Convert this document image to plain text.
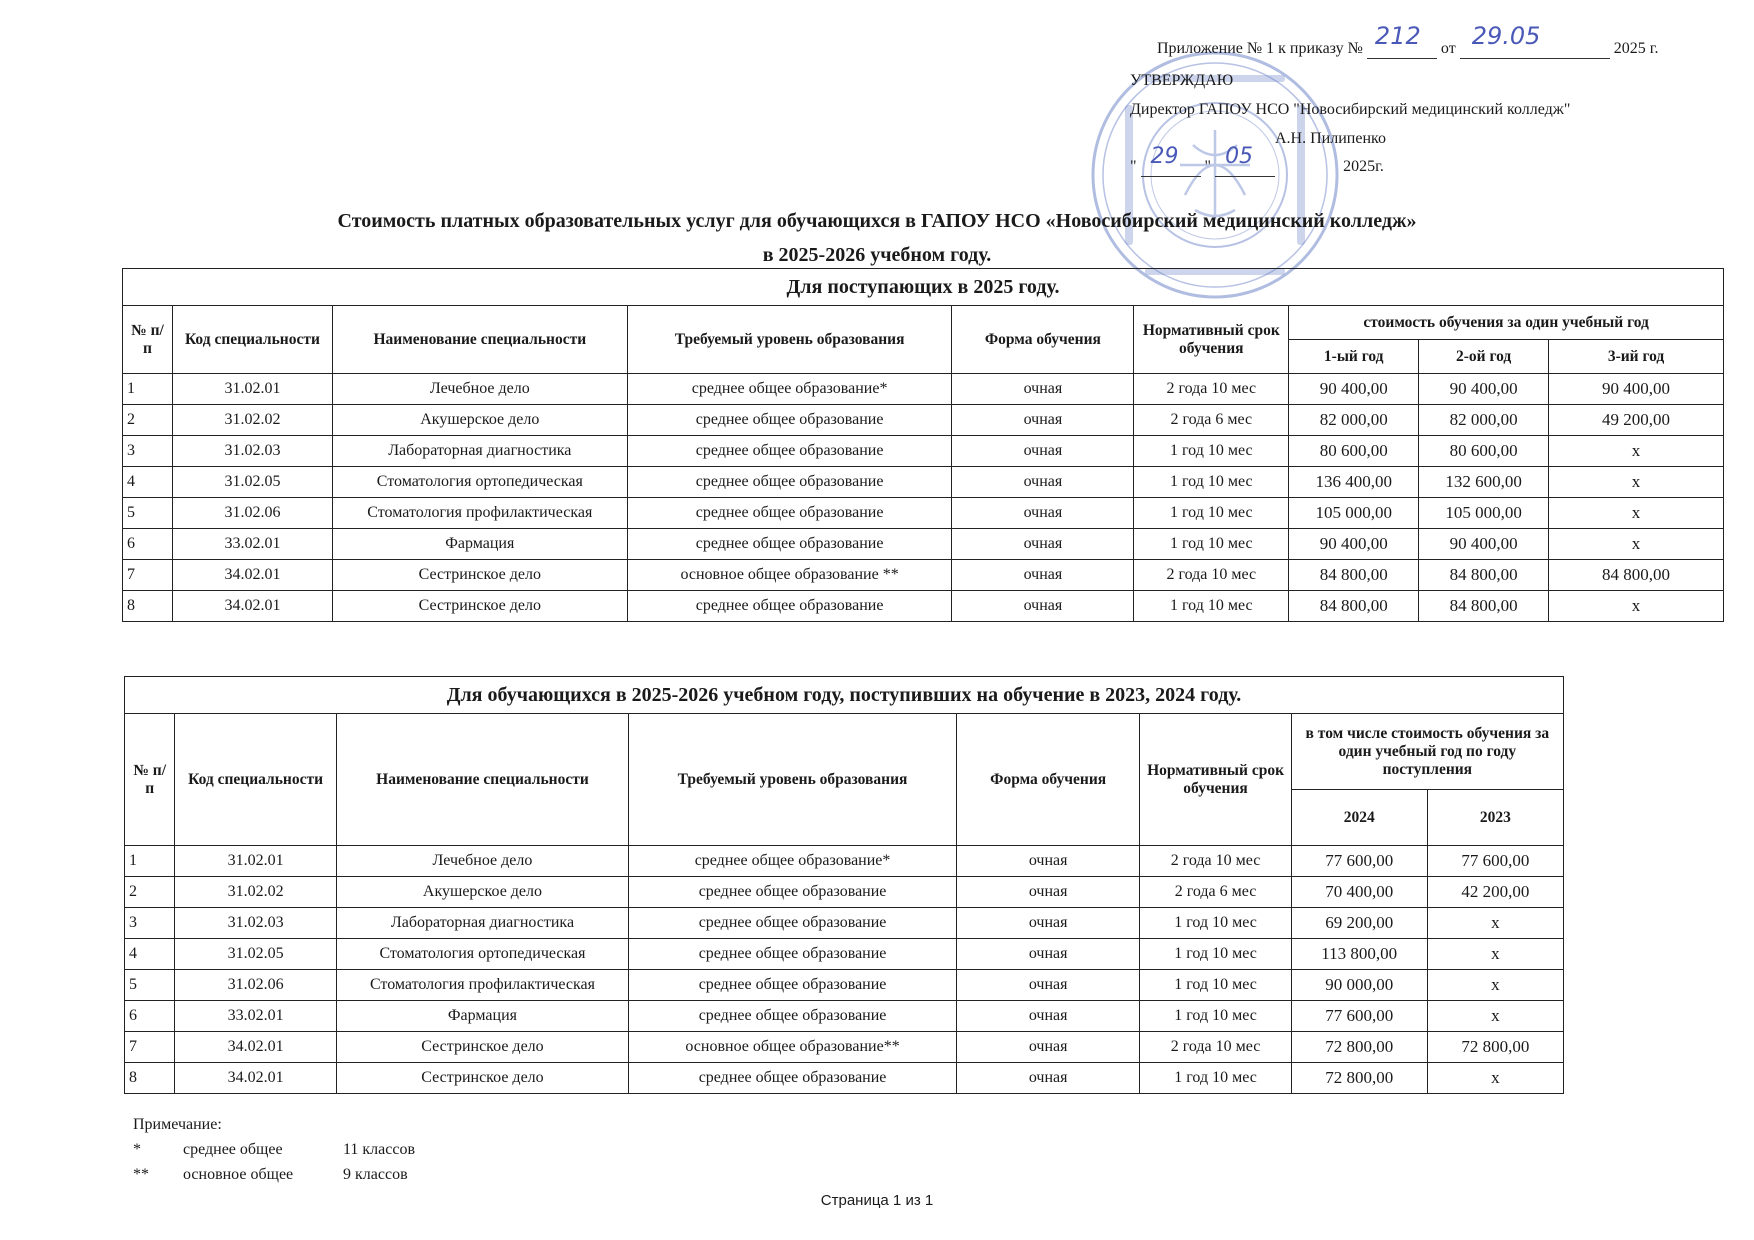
Приложение № 1 к приказу № 212 от 29.05	2025 г.
УТВЕРЖДАЮ
Директор ГАПОУ НСО "Новосибирский медицинский колледж"
А.Н. Пилипенко
" 29 " 05	2025г.
Стоимость платных образовательных услуг для обучающихся в ГАПОУ НСО «Новосибирский медицинский колледж»
в 2025-2026 учебном году.
Для поступающих в 2025 году.								
№ п/п	Код специальности	Наименование специальности	Требуемый уровень образования	Форма обучения	Нормативный срок обучения	стоимость обучения за один учебный год		
						1-ый год	2-ой год	3-ий год
1	31.02.01	Лечебное дело	среднее общее образование*	очная	2 года 10 мес	90 400,00	90 400,00	90 400,00
2	31.02.02	Акушерское дело	среднее общее образование	очная	2 года 6 мес	82 000,00	82 000,00	49 200,00
3	31.02.03	Лабораторная диагностика	среднее общее образование	очная	1 год 10 мес	80 600,00	80 600,00	x
4	31.02.05	Стоматология ортопедическая	среднее общее образование	очная	1 год 10 мес	136 400,00	132 600,00	x
5	31.02.06	Стоматология профилактическая	среднее общее образование	очная	1 год 10 мес	105 000,00	105 000,00	x
6	33.02.01	Фармация	среднее общее образование	очная	1 год 10 мес	90 400,00	90 400,00	x
7	34.02.01	Сестринское дело	основное общее образование **	очная	2 года 10 мес	84 800,00	84 800,00	84 800,00
8	34.02.01	Сестринское дело	среднее общее образование	очная	1 год 10 мес	84 800,00	84 800,00	x
Для обучающихся в 2025-2026 учебном году, поступивших на обучение в 2023, 2024 году.							
№ п/п	Код специальности	Наименование специальности	Требуемый уровень образования	Форма обучения	Нормативный срок обучения	в том числе стоимость обучения за один учебный год по году поступления	
						2024	2023
1	31.02.01	Лечебное дело	среднее общее образование*	очная	2 года 10 мес	77 600,00	77 600,00
2	31.02.02	Акушерское дело	среднее общее образование	очная	2 года 6 мес	70 400,00	42 200,00
3	31.02.03	Лабораторная диагностика	среднее общее образование	очная	1 год 10 мес	69 200,00	x
4	31.02.05	Стоматология ортопедическая	среднее общее образование	очная	1 год 10 мес	113 800,00	x
5	31.02.06	Стоматология профилактическая	среднее общее образование	очная	1 год 10 мес	90 000,00	x
6	33.02.01	Фармация	среднее общее образование	очная	1 год 10 мес	77 600,00	x
7	34.02.01	Сестринское дело	основное общее образование**	очная	2 года 10 мес	72 800,00	72 800,00
8	34.02.01	Сестринское дело	среднее общее образование	очная	1 год 10 мес	72 800,00	x
Примечание:
*	среднее общее	11 классов
** основное общее	9 классов
Страница 1 из 1
